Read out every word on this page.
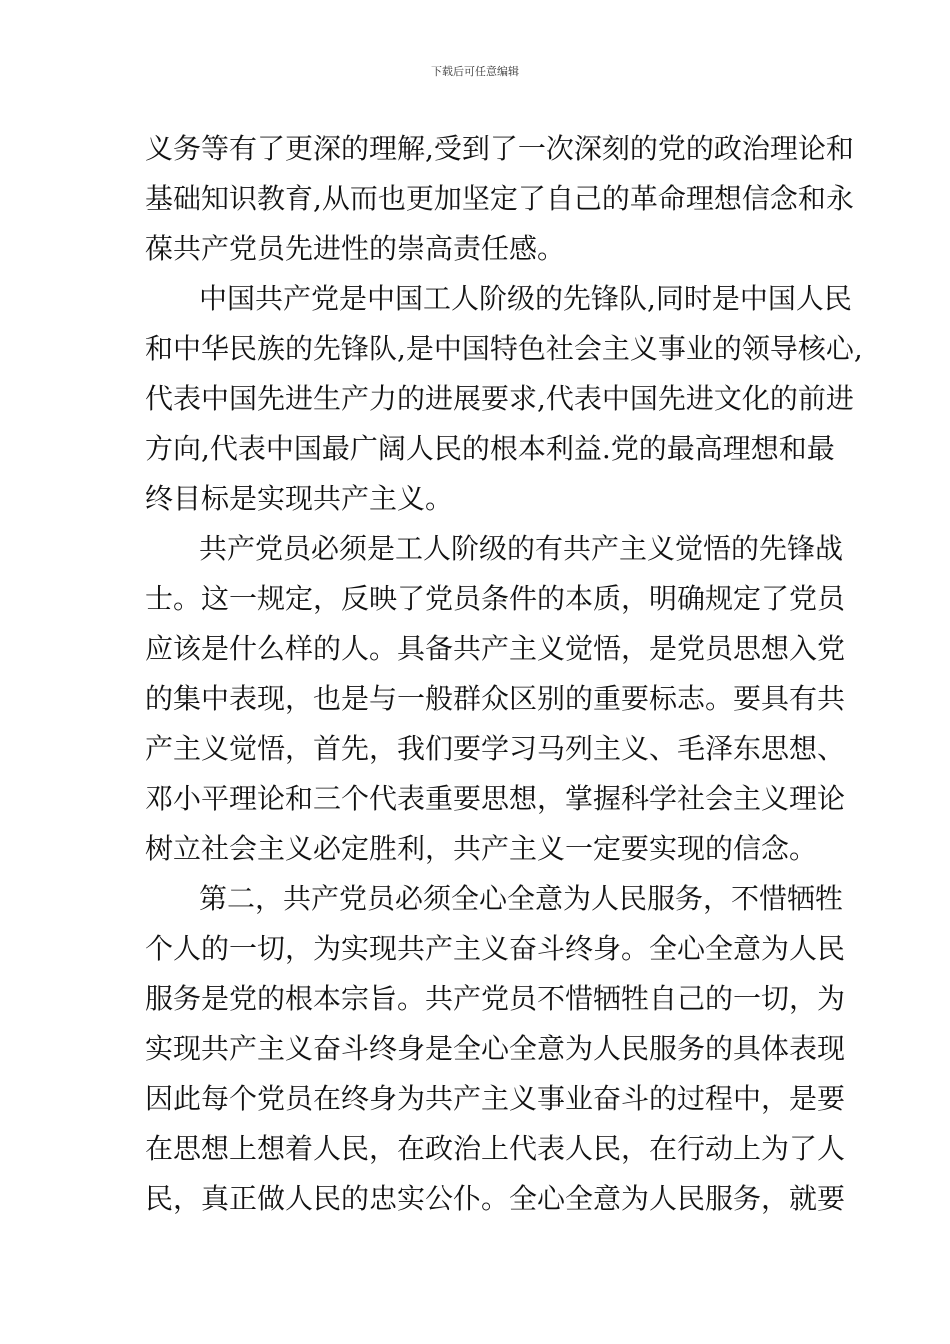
下载后可任意编辑
义务等有了更深的理解,受到了一次深刻的党的政治理论和
基础知识教育,从而也更加坚定了自己的革命理想信念和永
葆共产党员先进性的崇高责任感。
中国共产党是中国工人阶级的先锋队,同时是中国人民
和中华民族的先锋队,是中国特色社会主义事业的领导核心,
代表中国先进生产力的进展要求,代表中国先进文化的前进
方向,代表中国最广阔人民的根本利益.党的最高理想和最
终目标是实现共产主义。
共产党员必须是工人阶级的有共产主义觉悟的先锋战
士。这一规定，反映了党员条件的本质，明确规定了党员
应该是什么样的人。具备共产主义觉悟，是党员思想入党
的集中表现，也是与一般群众区别的重要标志。要具有共
产主义觉悟，首先，我们要学习马列主义、毛泽东思想、
邓小平理论和三个代表重要思想，掌握科学社会主义理论
树立社会主义必定胜利，共产主义一定要实现的信念。
第二，共产党员必须全心全意为人民服务，不惜牺牲
个人的一切，为实现共产主义奋斗终身。全心全意为人民
服务是党的根本宗旨。共产党员不惜牺牲自己的一切，为
实现共产主义奋斗终身是全心全意为人民服务的具体表现
因此每个党员在终身为共产主义事业奋斗的过程中，是要
在思想上想着人民，在政治上代表人民，在行动上为了人
民，真正做人民的忠实公仆。全心全意为人民服务，就要
